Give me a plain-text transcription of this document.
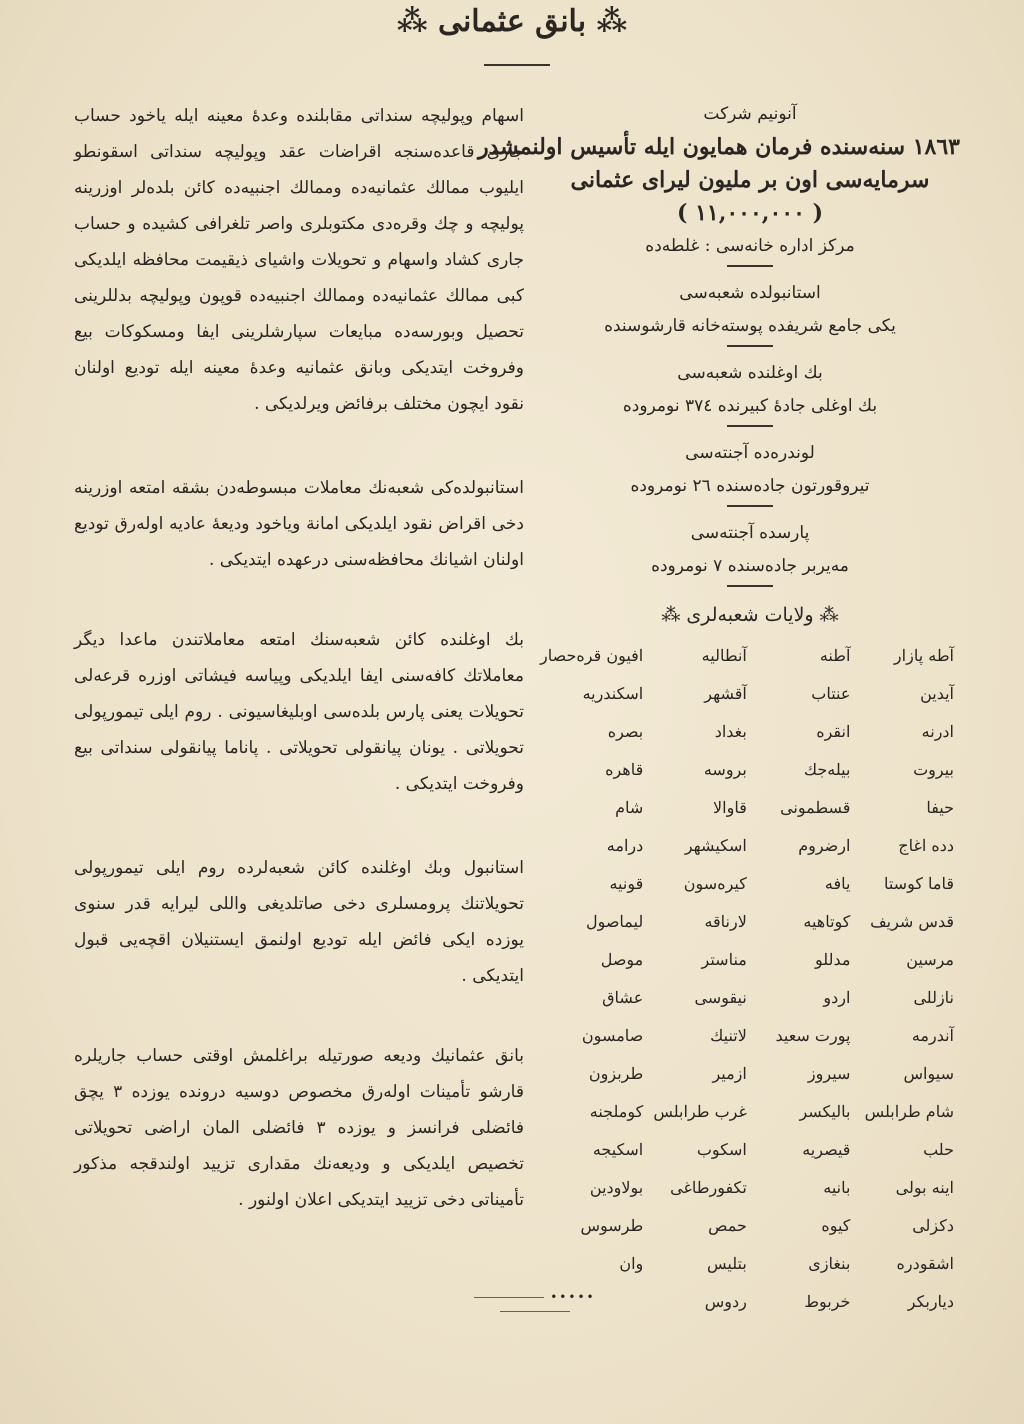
⁂ بانق عثمانی ⁂

اسهام وپولیچه سنداتی مقابلنده وعدهٔ معینه ایله یاخود حساب جاری قاعده‌سنجه اقراضات عقد وپولیچه سنداتی اسقونطو ایلیوب ممالك عثمانیه‌ده وممالك اجنبیه‌ده كائن بلده‌لر اوزرینه پولیچه و چك وقره‌دی مكتوبلری واصر تلغرافی كشیده و حساب جاری كشاد واسهام و تحویلات واشیای ذیقیمت محافظه ایلدیكی كبی ممالك عثمانیه‌ده وممالك اجنبیه‌ده قوپون وپولیچه بدللرینی تحصیل وبورسه‌ده مبایعات سپارشلرینی ایفا ومسكوكات بیع وفروخت ایتدیكی وبانق عثمانیه وعدهٔ معینه ایله تودیع اولنان نقود ایچون مختلف برفائض ویرلدیكی .

استانبولده‌كی شعبه‌نك معاملات مبسوطه‌دن بشقه امتعه اوزرینه دخی اقراض نقود ایلدیكی امانة ویاخود ودیعهٔ عادیه اوله‌رق تودیع اولنان اشیانك محافظه‌سنی درعهده ایتدیكی .

بك اوغلنده كائن شعبه‌سنك امتعه معاملاتندن ماعدا دیگر معاملاتك كافه‌سنی ایفا ایلدیكی وپیاسه فیشاتی اوزره قرعه‌لی تحویلات یعنی پارس بلده‌سی اوبلیغاسیونی . روم ایلی تیمورپولی تحویلاتی . یونان پیانقولی تحویلاتی . پاناما پیانقولی سنداتی بیع وفروخت ایتدیكی .

استانبول وبك اوغلنده كائن شعبه‌لرده روم ایلی تیمورپولی تحویلاتنك پرومسلری دخی صاتلدیغی واللی لیرایه قدر سنوی یوزده ایكی فائض ایله تودیع اولنمق ایستنیلان اقچه‌یی قبول ایتدیكی .

بانق عثمانیك ودیعه صورتیله براغلمش اوقتی حساب جاریلره قارشو تأمینات اوله‌رق مخصوص دوسیه درونده یوزده ۳ یچق فائضلی فرانسز و یوزده ۳ فائضلی المان اراضی تحویلاتی تخصیص ایلدیكی و ودیعه‌نك مقداری تزیید اولندقجه مذكور تأميناتی دخی تزیید ایتدیكی اعلان اولنور .

آنونیم شركت
۱۸٦۳ سنه‌سنده فرمان همایون ایله تأسیس اولنمشدر
سرمایه‌سی اون بر ملیون لیرای عثمانی
( ۱۱,۰۰۰,۰۰۰ )
مركز اداره خانه‌سی : غلطه‌ده
استانبولده شعبه‌سی
یكی جامع شریفده پوسته‌خانه قارشوسنده
بك اوغلنده شعبه‌سی
بك اوغلی جادهٔ كبیرنده ۳۷٤ نومروده
لوندره‌ده آجنته‌سی
تیروقورتون جاده‌سنده ۲٦ نومروده
پارسده آجنته‌سی
مه‌یربر جاده‌سنده ۷ نومروده
⁂ ولایات شعبه‌لری ⁂
آطه پازار
آطنه
آنطالیه
افیون قره‌حصار
آیدین
عنتاب
آقشهر
اسكندریه
ادرنه
انقره
بغداد
بصره
بیروت
بیله‌جك
بروسه
قاهره
حیفا
قسطمونی
قاوالا
شام
دده اغاج
ارضروم
اسكیشهر
درامه
قاما كوستا
یافه
كیره‌سون
قونیه
قدس شریف
كوتاهیه
لارناقه
لیماصول
مرسین
مدللو
مناستر
موصل
نازللی
اردو
نیقوسی
عشاق
آندرمه
پورت سعید
لاتنیك
صامسون
سیواس
سیروز
ازمیر
طربزون
شام طرابلس
بالیكسر
غرب طرابلس
كوملجنه
حلب
قیصریه
اسكوب
اسكیجه
اینه بولی
بانیه
تكفورطاغی
بولاودین
دكزلی
كیوه
حمص
طرسوس
اشقودره
بنغازی
بتلیس
وان
دیاربكر
خربوط
ردوس
•••••
